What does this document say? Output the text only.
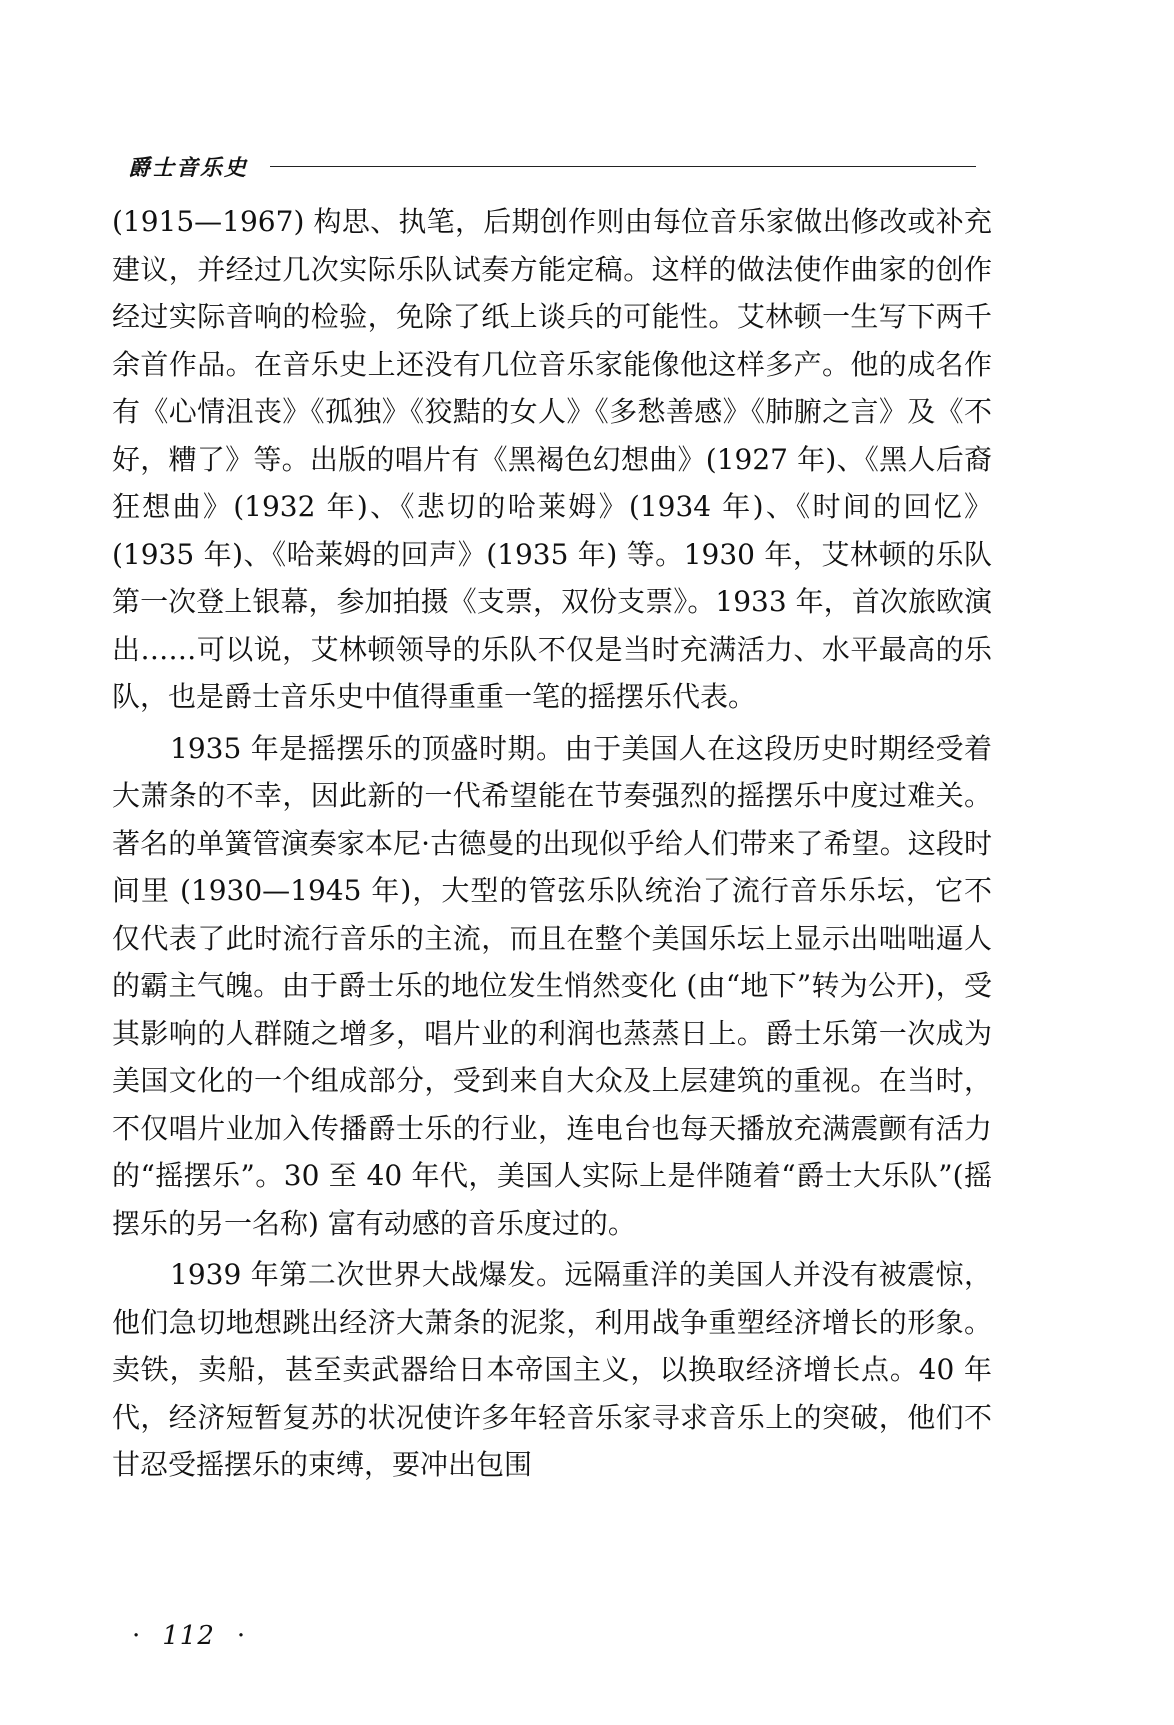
爵士音乐史

(1915—1967) 构思、执笔，后期创作则由每位音乐家做出修改或补充建议，并经过几次实际乐队试奏方能定稿。这样的做法使作曲家的创作经过实际音响的检验，免除了纸上谈兵的可能性。艾林顿一生写下两千余首作品。在音乐史上还没有几位音乐家能像他这样多产。他的成名作有《心情沮丧》《孤独》《狡黠的女人》《多愁善感》《肺腑之言》及《不好，糟了》等。出版的唱片有《黑褐色幻想曲》(1927 年)、《黑人后裔狂想曲》(1932 年)、《悲切的哈莱姆》(1934 年)、《时间的回忆》(1935 年)、《哈莱姆的回声》(1935 年) 等。1930 年，艾林顿的乐队第一次登上银幕，参加拍摄《支票，双份支票》。1933 年，首次旅欧演出……可以说，艾林顿领导的乐队不仅是当时充满活力、水平最高的乐队，也是爵士音乐史中值得重重一笔的摇摆乐代表。

1935 年是摇摆乐的顶盛时期。由于美国人在这段历史时期经受着大萧条的不幸，因此新的一代希望能在节奏强烈的摇摆乐中度过难关。著名的单簧管演奏家本尼·古德曼的出现似乎给人们带来了希望。这段时间里 (1930—1945 年)，大型的管弦乐队统治了流行音乐乐坛，它不仅代表了此时流行音乐的主流，而且在整个美国乐坛上显示出咄咄逼人的霸主气魄。由于爵士乐的地位发生悄然变化 (由“地下”转为公开)，受其影响的人群随之增多，唱片业的利润也蒸蒸日上。爵士乐第一次成为美国文化的一个组成部分，受到来自大众及上层建筑的重视。在当时，不仅唱片业加入传播爵士乐的行业，连电台也每天播放充满震颤有活力的“摇摆乐”。30 至 40 年代，美国人实际上是伴随着“爵士大乐队”(摇摆乐的另一名称) 富有动感的音乐度过的。

1939 年第二次世界大战爆发。远隔重洋的美国人并没有被震惊，他们急切地想跳出经济大萧条的泥浆，利用战争重塑经济增长的形象。卖铁，卖船，甚至卖武器给日本帝国主义，以换取经济增长点。40 年代，经济短暂复苏的状况使许多年轻音乐家寻求音乐上的突破，他们不甘忍受摇摆乐的束缚，要冲出包围

· 112 ·
